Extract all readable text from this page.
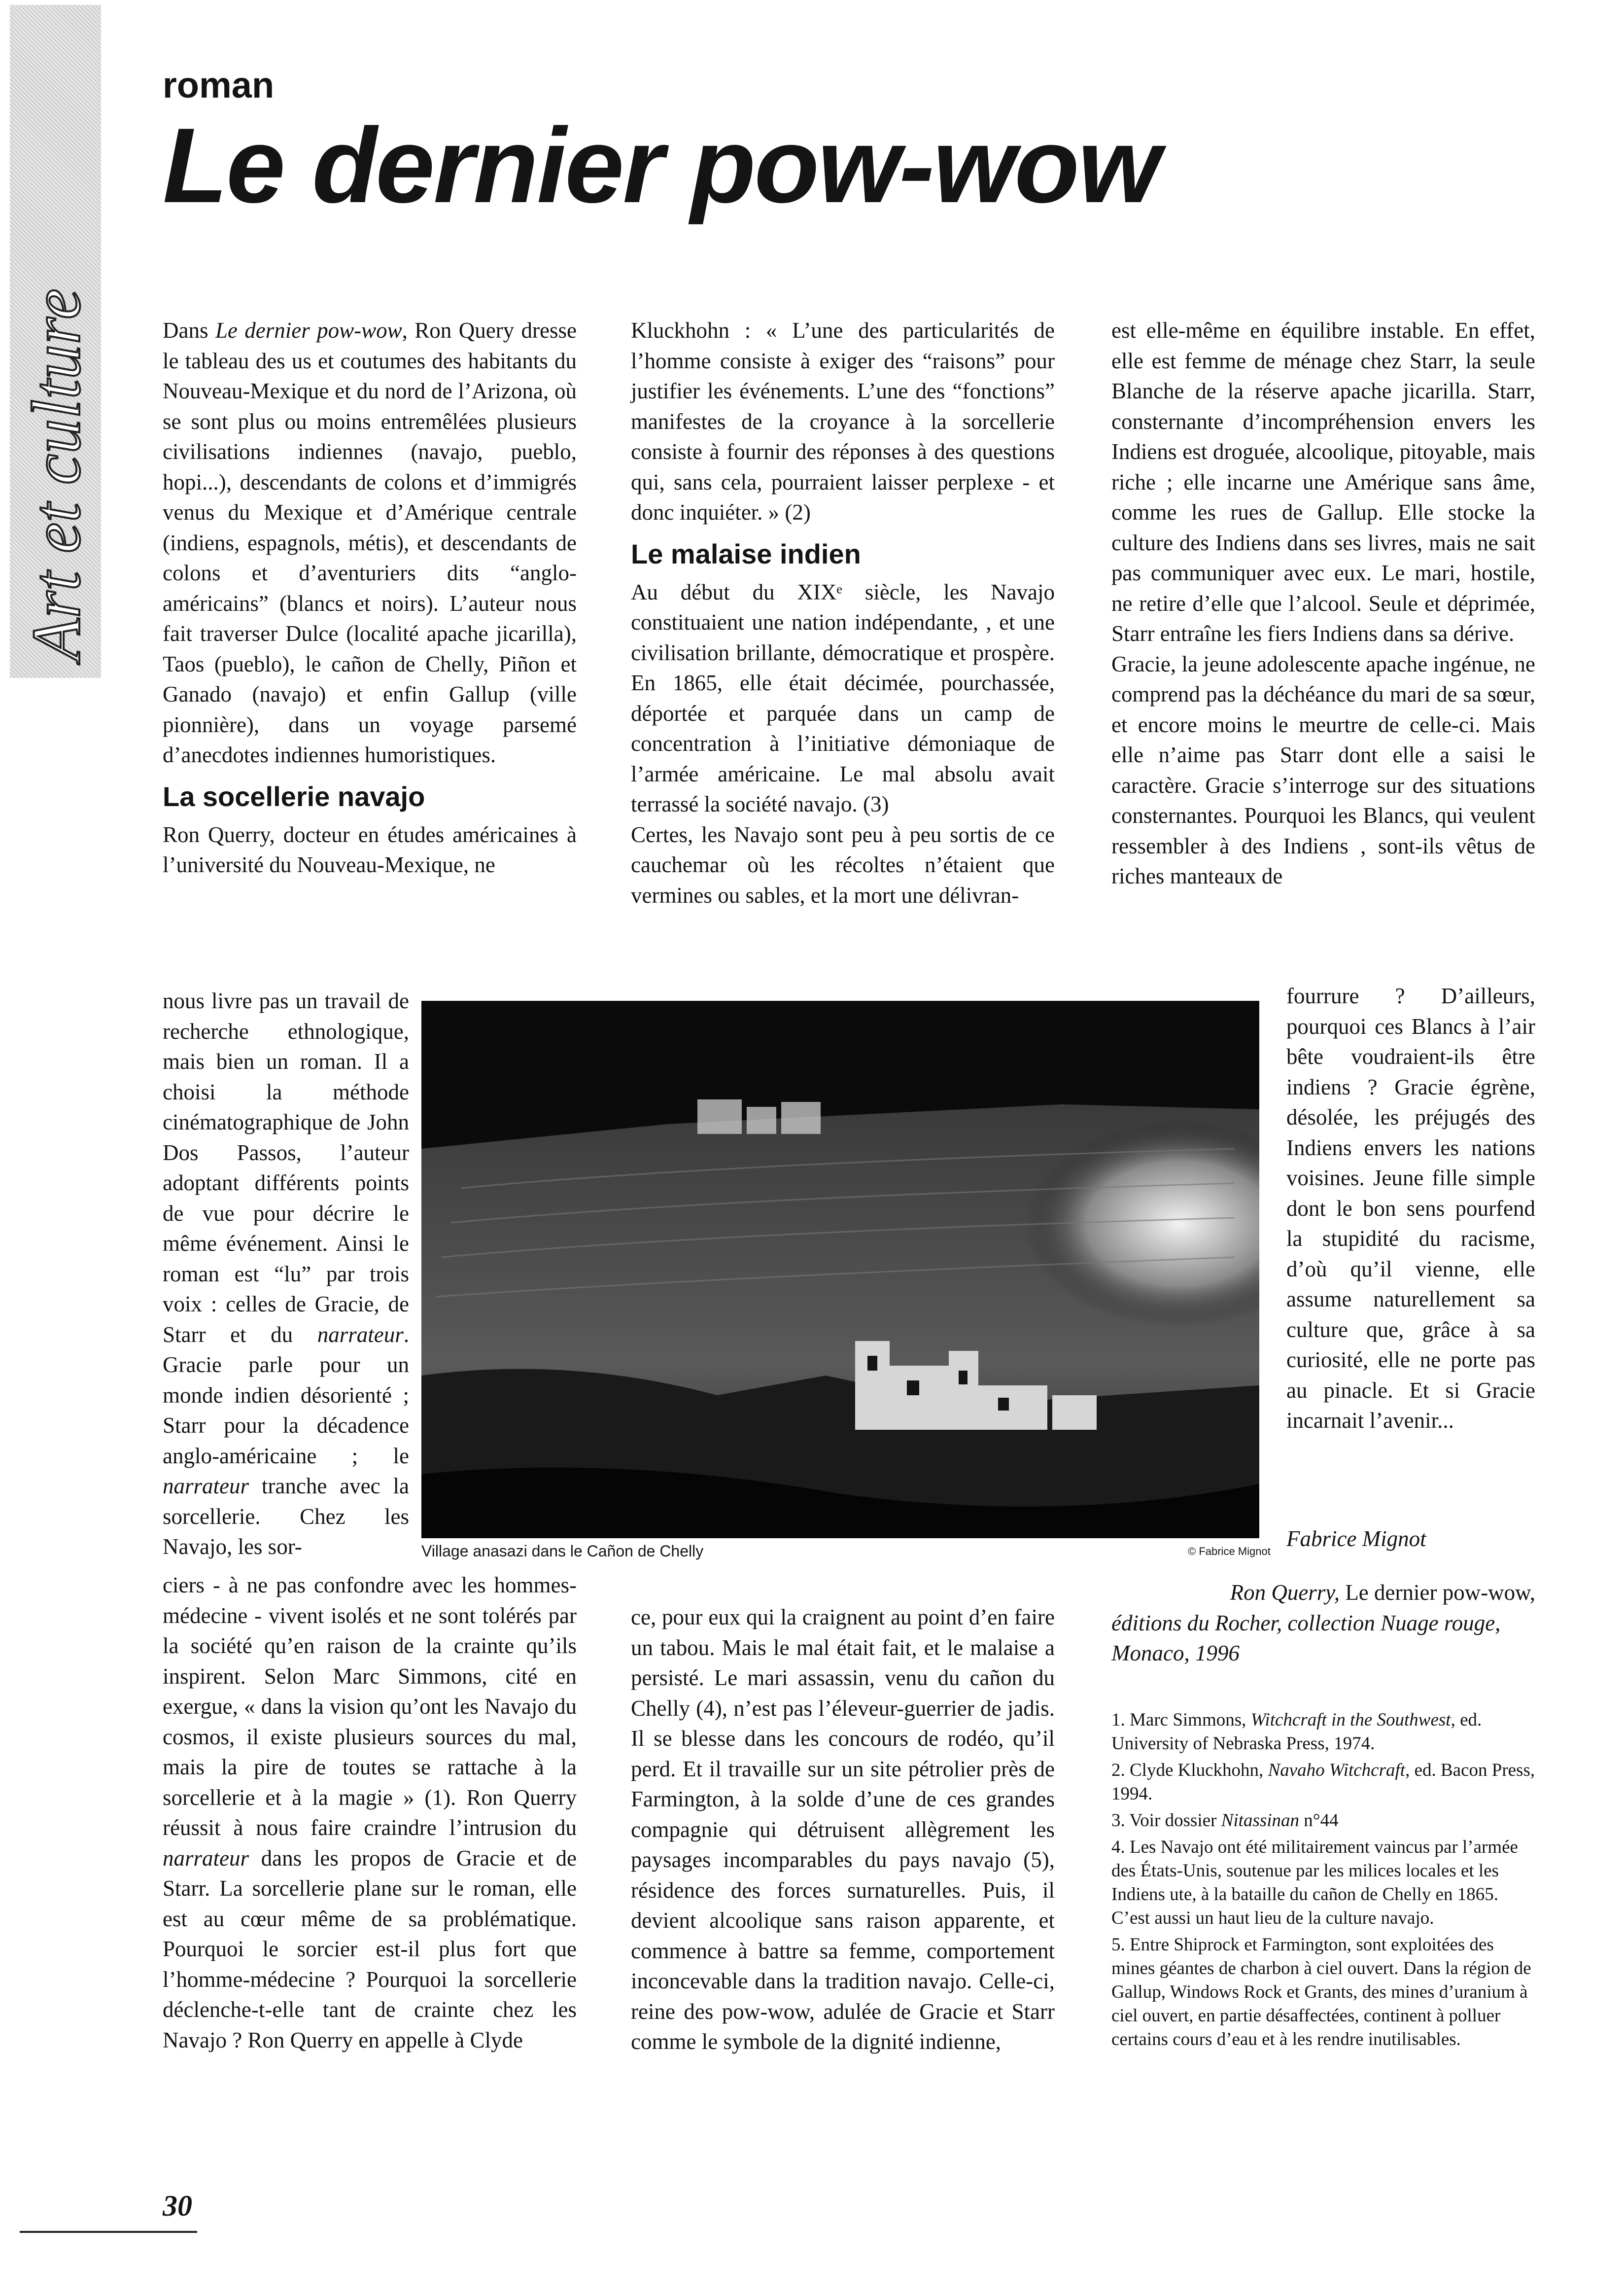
Art et culture

roman

Le dernier pow-wow

Dans Le dernier pow-wow, Ron Query dresse le tableau des us et coutumes des habitants du Nouveau-Mexique et du nord de l’Arizona, où se sont plus ou moins entremêlées plusieurs civilisations indiennes (navajo, pueblo, hopi...), descendants de colons et d’immigrés venus du Mexique et d’Amérique centrale (indiens, espagnols, métis), et descendants de colons et d’aventuriers dits “anglo-américains” (blancs et noirs). L’auteur nous fait traverser Dulce (localité apache jicarilla), Taos (pueblo), le cañon de Chelly, Piñon et Ganado (navajo) et enfin Gallup (ville pionnière), dans un voyage parsemé d’anecdotes indiennes humoristiques.

La socellerie navajo

Ron Querry, docteur en études américaines à l’université du Nouveau-Mexique, ne

nous livre pas un travail de recherche ethnologique, mais bien un roman. Il a choisi la méthode cinématographique de John Dos Passos, l’auteur adoptant différents points de vue pour décrire le même événement. Ainsi le roman est “lu” par trois voix : celles de Gracie, de Starr et du narrateur. Gracie parle pour un monde indien désorienté ; Starr pour la décadence anglo-américaine ; le narrateur tranche avec la sorcellerie. Chez les Navajo, les sor-

ciers - à ne pas confondre avec les hommes-médecine - vivent isolés et ne sont tolérés par la société qu’en raison de la crainte qu’ils inspirent. Selon Marc Simmons, cité en exergue, « dans la vision qu’ont les Navajo du cosmos, il existe plusieurs sources du mal, mais la pire de toutes se rattache à la sorcellerie et à la magie » (1). Ron Querry réussit à nous faire craindre l’intrusion du narrateur dans les propos de Gracie et de Starr. La sorcellerie plane sur le roman, elle est au cœur même de sa problématique. Pourquoi le sorcier est-il plus fort que l’homme-médecine ? Pourquoi la sorcellerie déclenche-t-elle tant de crainte chez les Navajo ? Ron Querry en appelle à Clyde

Kluckhohn : « L’une des particularités de l’homme consiste à exiger des “raisons” pour justifier les événements. L’une des “fonctions” manifestes de la croyance à la sorcellerie consiste à fournir des réponses à des questions qui, sans cela, pourraient laisser perplexe - et donc inquiéter. » (2)

Le malaise indien

Au début du XIXᵉ siècle, les Navajo constituaient une nation indépendante, , et une civilisation brillante, démocratique et prospère. En 1865, elle était décimée, pourchassée, déportée et parquée dans un camp de concentration à l’initiative démoniaque de l’armée américaine. Le mal absolu avait terrassé la société navajo. (3)

Certes, les Navajo sont peu à peu sortis de ce cauchemar où les récoltes n’étaient que vermines ou sables, et la mort une délivran-

ce, pour eux qui la craignent au point d’en faire un tabou. Mais le mal était fait, et le malaise a persisté. Le mari assassin, venu du cañon du Chelly (4), n’est pas l’éleveur-guerrier de jadis. Il se blesse dans les concours de rodéo, qu’il perd. Et il travaille sur un site pétrolier près de Farmington, à la solde d’une de ces grandes compagnie qui détruisent allègrement les paysages incomparables du pays navajo (5), résidence des forces surnaturelles. Puis, il devient alcoolique sans raison apparente, et commence à battre sa femme, comportement inconcevable dans la tradition navajo. Celle-ci, reine des pow-wow, adulée de Gracie et Starr comme le symbole de la dignité indienne,

est elle-même en équilibre instable. En effet, elle est femme de ménage chez Starr, la seule Blanche de la réserve apache jicarilla. Starr, consternante d’incompréhension envers les Indiens est droguée, alcoolique, pitoyable, mais riche ; elle incarne une Amérique sans âme, comme les rues de Gallup. Elle stocke la culture des Indiens dans ses livres, mais ne sait pas communiquer avec eux. Le mari, hostile, ne retire d’elle que l’alcool. Seule et déprimée, Starr entraîne les fiers Indiens dans sa dérive.

Gracie, la jeune adolescente apache ingénue, ne comprend pas la déchéance du mari de sa sœur, et encore moins le meurtre de celle-ci. Mais elle n’aime pas Starr dont elle a saisi le caractère. Gracie s’interroge sur des situations consternantes. Pourquoi les Blancs, qui veulent ressembler à des Indiens , sont-ils vêtus de riches manteaux de

fourrure ? D’ailleurs, pourquoi ces Blancs à l’air bête voudraient-ils être indiens ? Gracie égrène, désolée, les préjugés des Indiens envers les nations voisines. Jeune fille simple dont le bon sens pourfend la stupidité du racisme, d’où qu’il vienne, elle assume naturellement sa culture que, grâce à sa curiosité, elle ne porte pas au pinacle. Et si Gracie incarnait l’avenir...

Village anasazi dans le Cañon de Chelly	© Fabrice Mignot

Fabrice Mignot

Ron Querry, Le dernier pow-wow,
éditions du Rocher, collection Nuage rouge, Monaco, 1996

1. Marc Simmons, Witchcraft in the Southwest, ed. University of Nebraska Press, 1974.

2. Clyde Kluckhohn, Navaho Witchcraft, ed. Bacon Press, 1994.

3. Voir dossier Nitassinan n°44

4. Les Navajo ont été militairement vaincus par l’armée des États-Unis, soutenue par les milices locales et les Indiens ute, à la bataille du cañon de Chelly en 1865. C’est aussi un haut lieu de la culture navajo.

5. Entre Shiprock et Farmington, sont exploitées des mines géantes de charbon à ciel ouvert. Dans la région de Gallup, Windows Rock et Grants, des mines d’uranium à ciel ouvert, en partie désaffectées, continent à polluer certains cours d’eau et à les rendre inutilisables.

30
